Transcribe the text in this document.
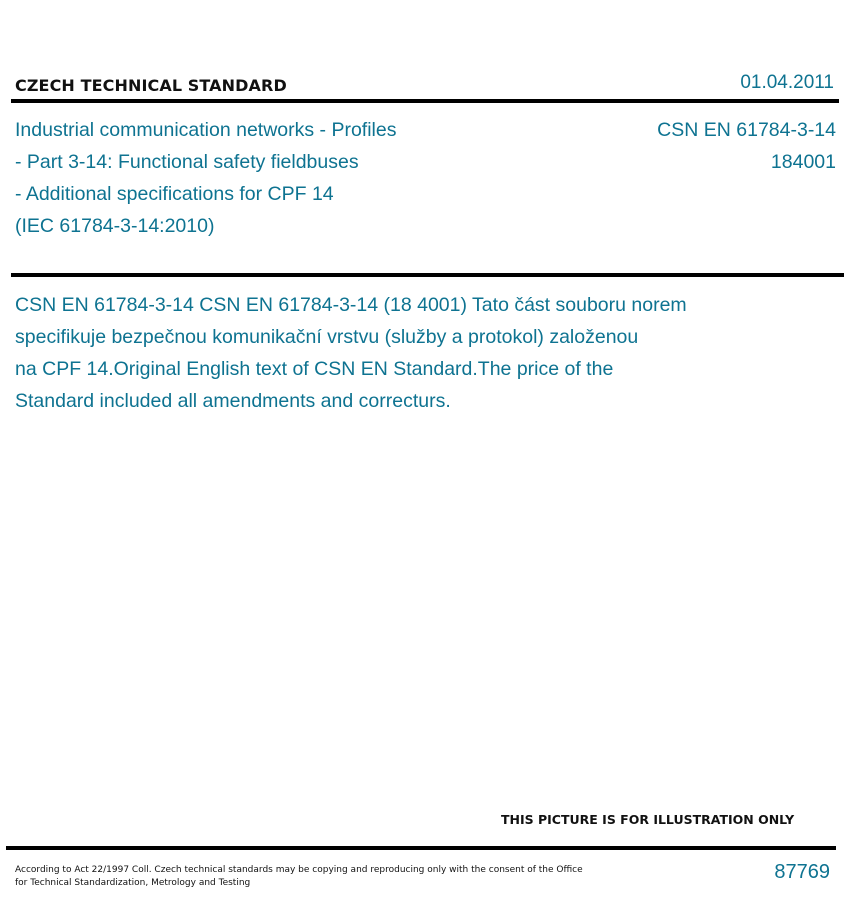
CZECH TECHNICAL STANDARD	01.04.2011
Industrial communication networks - Profiles
- Part 3-14: Functional safety fieldbuses
- Additional specifications for CPF 14
(IEC 61784-3-14:2010)
CSN EN 61784-3-14
184001
CSN EN 61784-3-14 CSN EN 61784-3-14 (18 4001) Tato část souboru norem
specifikuje bezpečnou komunikační vrstvu (služby a protokol) založenou
na CPF 14.Original English text of CSN EN Standard.The price of the
Standard included all amendments and correcturs.
THIS PICTURE IS FOR ILLUSTRATION ONLY
According to Act 22/1997 Coll. Czech technical standards may be copying and reproducing only with the consent of the Office
for Technical Standardization, Metrology and Testing	87769
